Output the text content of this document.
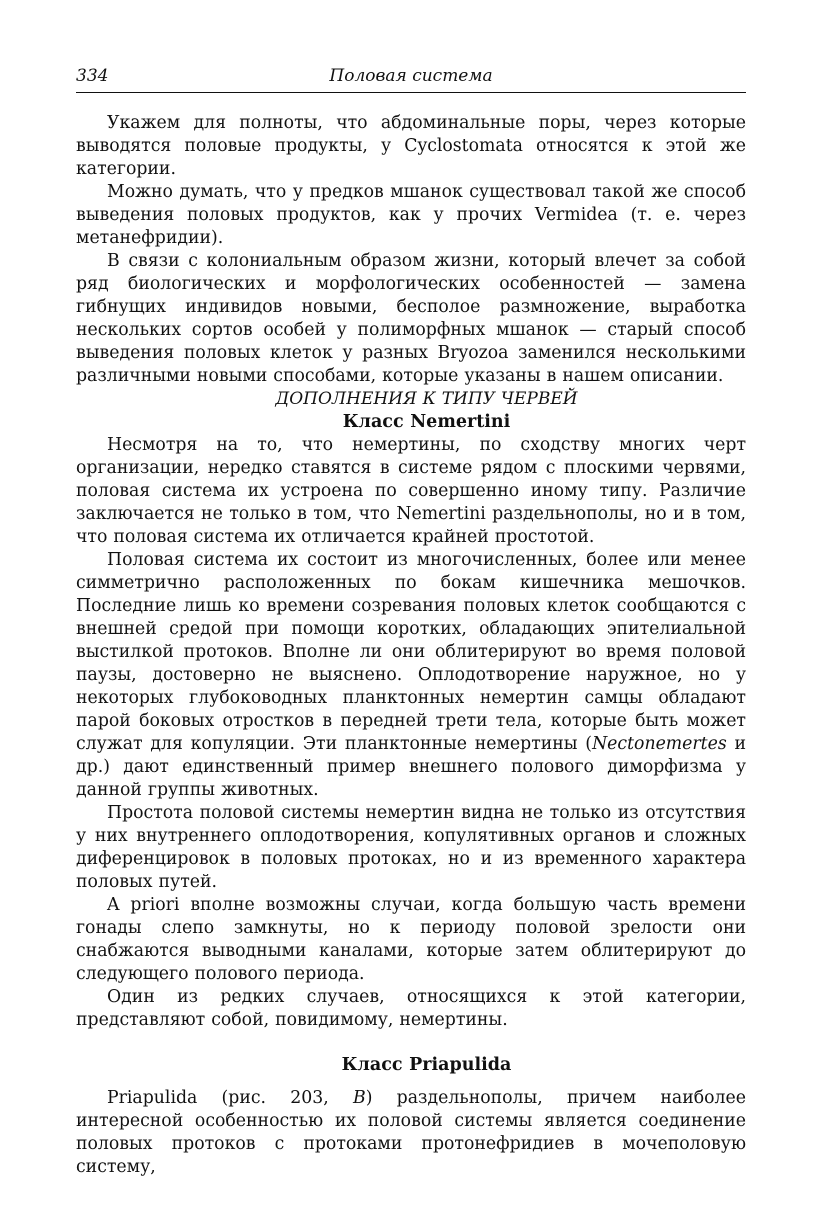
334	Половая система

Укажем для полноты, что абдоминальные поры, через которые выводятся половые продукты, у Cyclostomata относятся к этой же категории.

Можно думать, что у предков мшанок существовал такой же способ выведения половых продуктов, как у прочих Vermidea (т. е. через метанефридии).

В связи с колониальным образом жизни, который влечет за собой ряд биологических и морфологических особенностей — замена гибнущих индивидов новыми, бесполое размножение, выработка нескольких сортов особей у полиморфных мшанок — старый способ выведения половых клеток у разных Bryozoa заменился несколькими различными новыми способами, которые указаны в нашем описании.

ДОПОЛНЕНИЯ К ТИПУ ЧЕРВЕЙ

Класс Nemertini

Несмотря на то, что немертины, по сходству многих черт организации, нередко ставятся в системе рядом с плоскими червями, половая система их устроена по совершенно иному типу. Различие заключается не только в том, что Nemertini раздельнополы, но и в том, что половая система их отличается крайней простотой.

Половая система их состоит из многочисленных, более или менее симметрично расположенных по бокам кишечника мешочков. Последние лишь ко времени созревания половых клеток сообщаются с внешней средой при помощи коротких, обладающих эпителиальной выстилкой протоков. Вполне ли они облитерируют во время половой паузы, достоверно не выяснено. Оплодотворение наружное, но у некоторых глубоководных планктонных немертин самцы обладают парой боковых отростков в передней трети тела, которые быть может служат для копуляции. Эти планктонные немертины (Nectonemertes и др.) дают единственный пример внешнего полового диморфизма у данной группы животных.

Простота половой системы немертин видна не только из отсутствия у них внутреннего оплодотворения, копулятивных органов и сложных диференцировок в половых протоках, но и из временного характера половых путей.

A priori вполне возможны случаи, когда большую часть времени гонады слепо замкнуты, но к периоду половой зрелости они снабжаются выводными каналами, которые затем облитерируют до следующего полового периода.

Один из редких случаев, относящихся к этой категории, представляют собой, повидимому, немертины.

Класс Priapulida

Priapulida (рис. 203, B) раздельнополы, причем наиболее интересной особенностью их половой системы является соединение половых протоков с протоками протонефридиев в мочеполовую систему,
